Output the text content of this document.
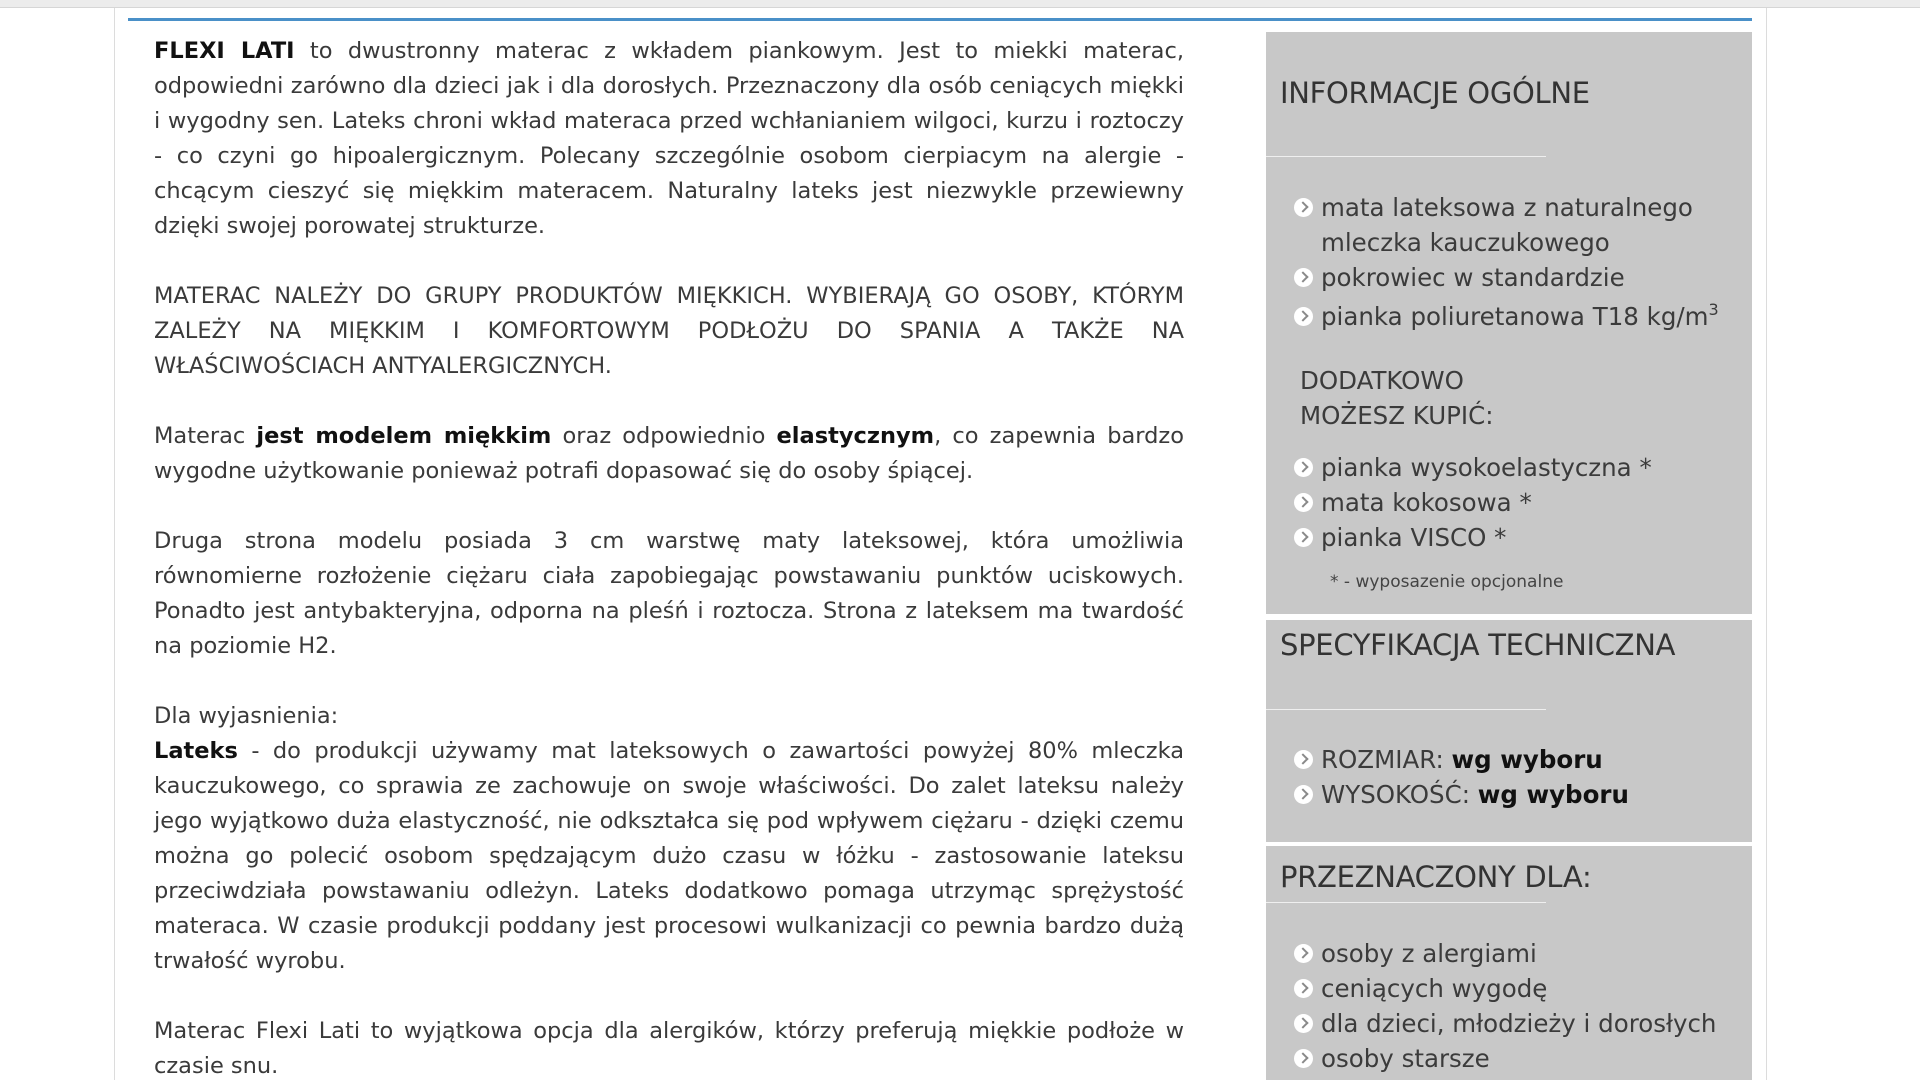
FLEXI LATI to dwustronny materac z wkładem piankowym. Jest to miekki materac, odpowiedni zarówno dla dzieci jak i dla dorosłych. Przeznaczony dla osób ceniących miękki i wygodny sen. Lateks chroni wkład materaca przed wchłanianiem wilgoci, kurzu i roztoczy - co czyni go hipoalergicznym. Polecany szczególnie osobom cierpiacym na alergie - chcącym cieszyć się miękkim materacem. Naturalny lateks jest niezwykle przewiewny dzięki swojej porowatej strukturze.

MATERAC NALEŻY DO GRUPY PRODUKTÓW MIĘKKICH. WYBIERAJĄ GO OSOBY, KTÓRYM ZALEŻY NA MIĘKKIM I KOMFORTOWYM PODŁOŻU DO SPANIA A TAKŻE NA WŁAŚCIWOŚCIACH ANTYALERGICZNYCH.

Materac jest modelem miękkim oraz odpowiednio elastycznym, co zapewnia bardzo wygodne użytkowanie ponieważ potrafi dopasować się do osoby śpiącej.

Druga strona modelu posiada 3 cm warstwę maty lateksowej, która umożliwia równomierne rozłożenie ciężaru ciała zapobiegając powstawaniu punktów uciskowych. Ponadto jest antybakteryjna, odporna na pleśń i roztocza. Strona z lateksem ma twardość na poziomie H2.

Dla wyjasnienia:

Lateks - do produkcji używamy mat lateksowych o zawartości powyżej 80% mleczka kauczukowego, co sprawia ze zachowuje on swoje właściwości. Do zalet lateksu należy jego wyjątkowo duża elastyczność, nie odkształca się pod wpływem ciężaru - dzięki czemu można go polecić osobom spędzającym dużo czasu w łóżku - zastosowanie lateksu przeciwdziała powstawaniu odleżyn. Lateks dodatkowo pomaga utrzymąc sprężystość materaca. W czasie produkcji poddany jest procesowi wulkanizacji co pewnia bardzo dużą trwałość wyrobu.

Materac Flexi Lati to wyjątkowa opcja dla alergików, którzy preferują miękkie podłoże w czasie snu.

INFORMACJE OGÓLNE
mata lateksowa z naturalnego mleczka kauczukowego
pokrowiec w standardzie
pianka poliuretanowa T18 $kg/m^3$
DODATKOWO MOŻESZ KUPIĆ:
pianka wysokoelastyczna *
mata kokosowa *
pianka VISCO *
* - wyposazenie opcjonalne
SPECYFIKACJA TECHNICZNA
ROZMIAR: wg wyboru
WYSOKOŚĆ: wg wyboru
PRZEZNACZONY DLA:
osoby z alergiami
ceniących wygodę
dla dzieci, młodzieży i dorosłych
osoby starsze
